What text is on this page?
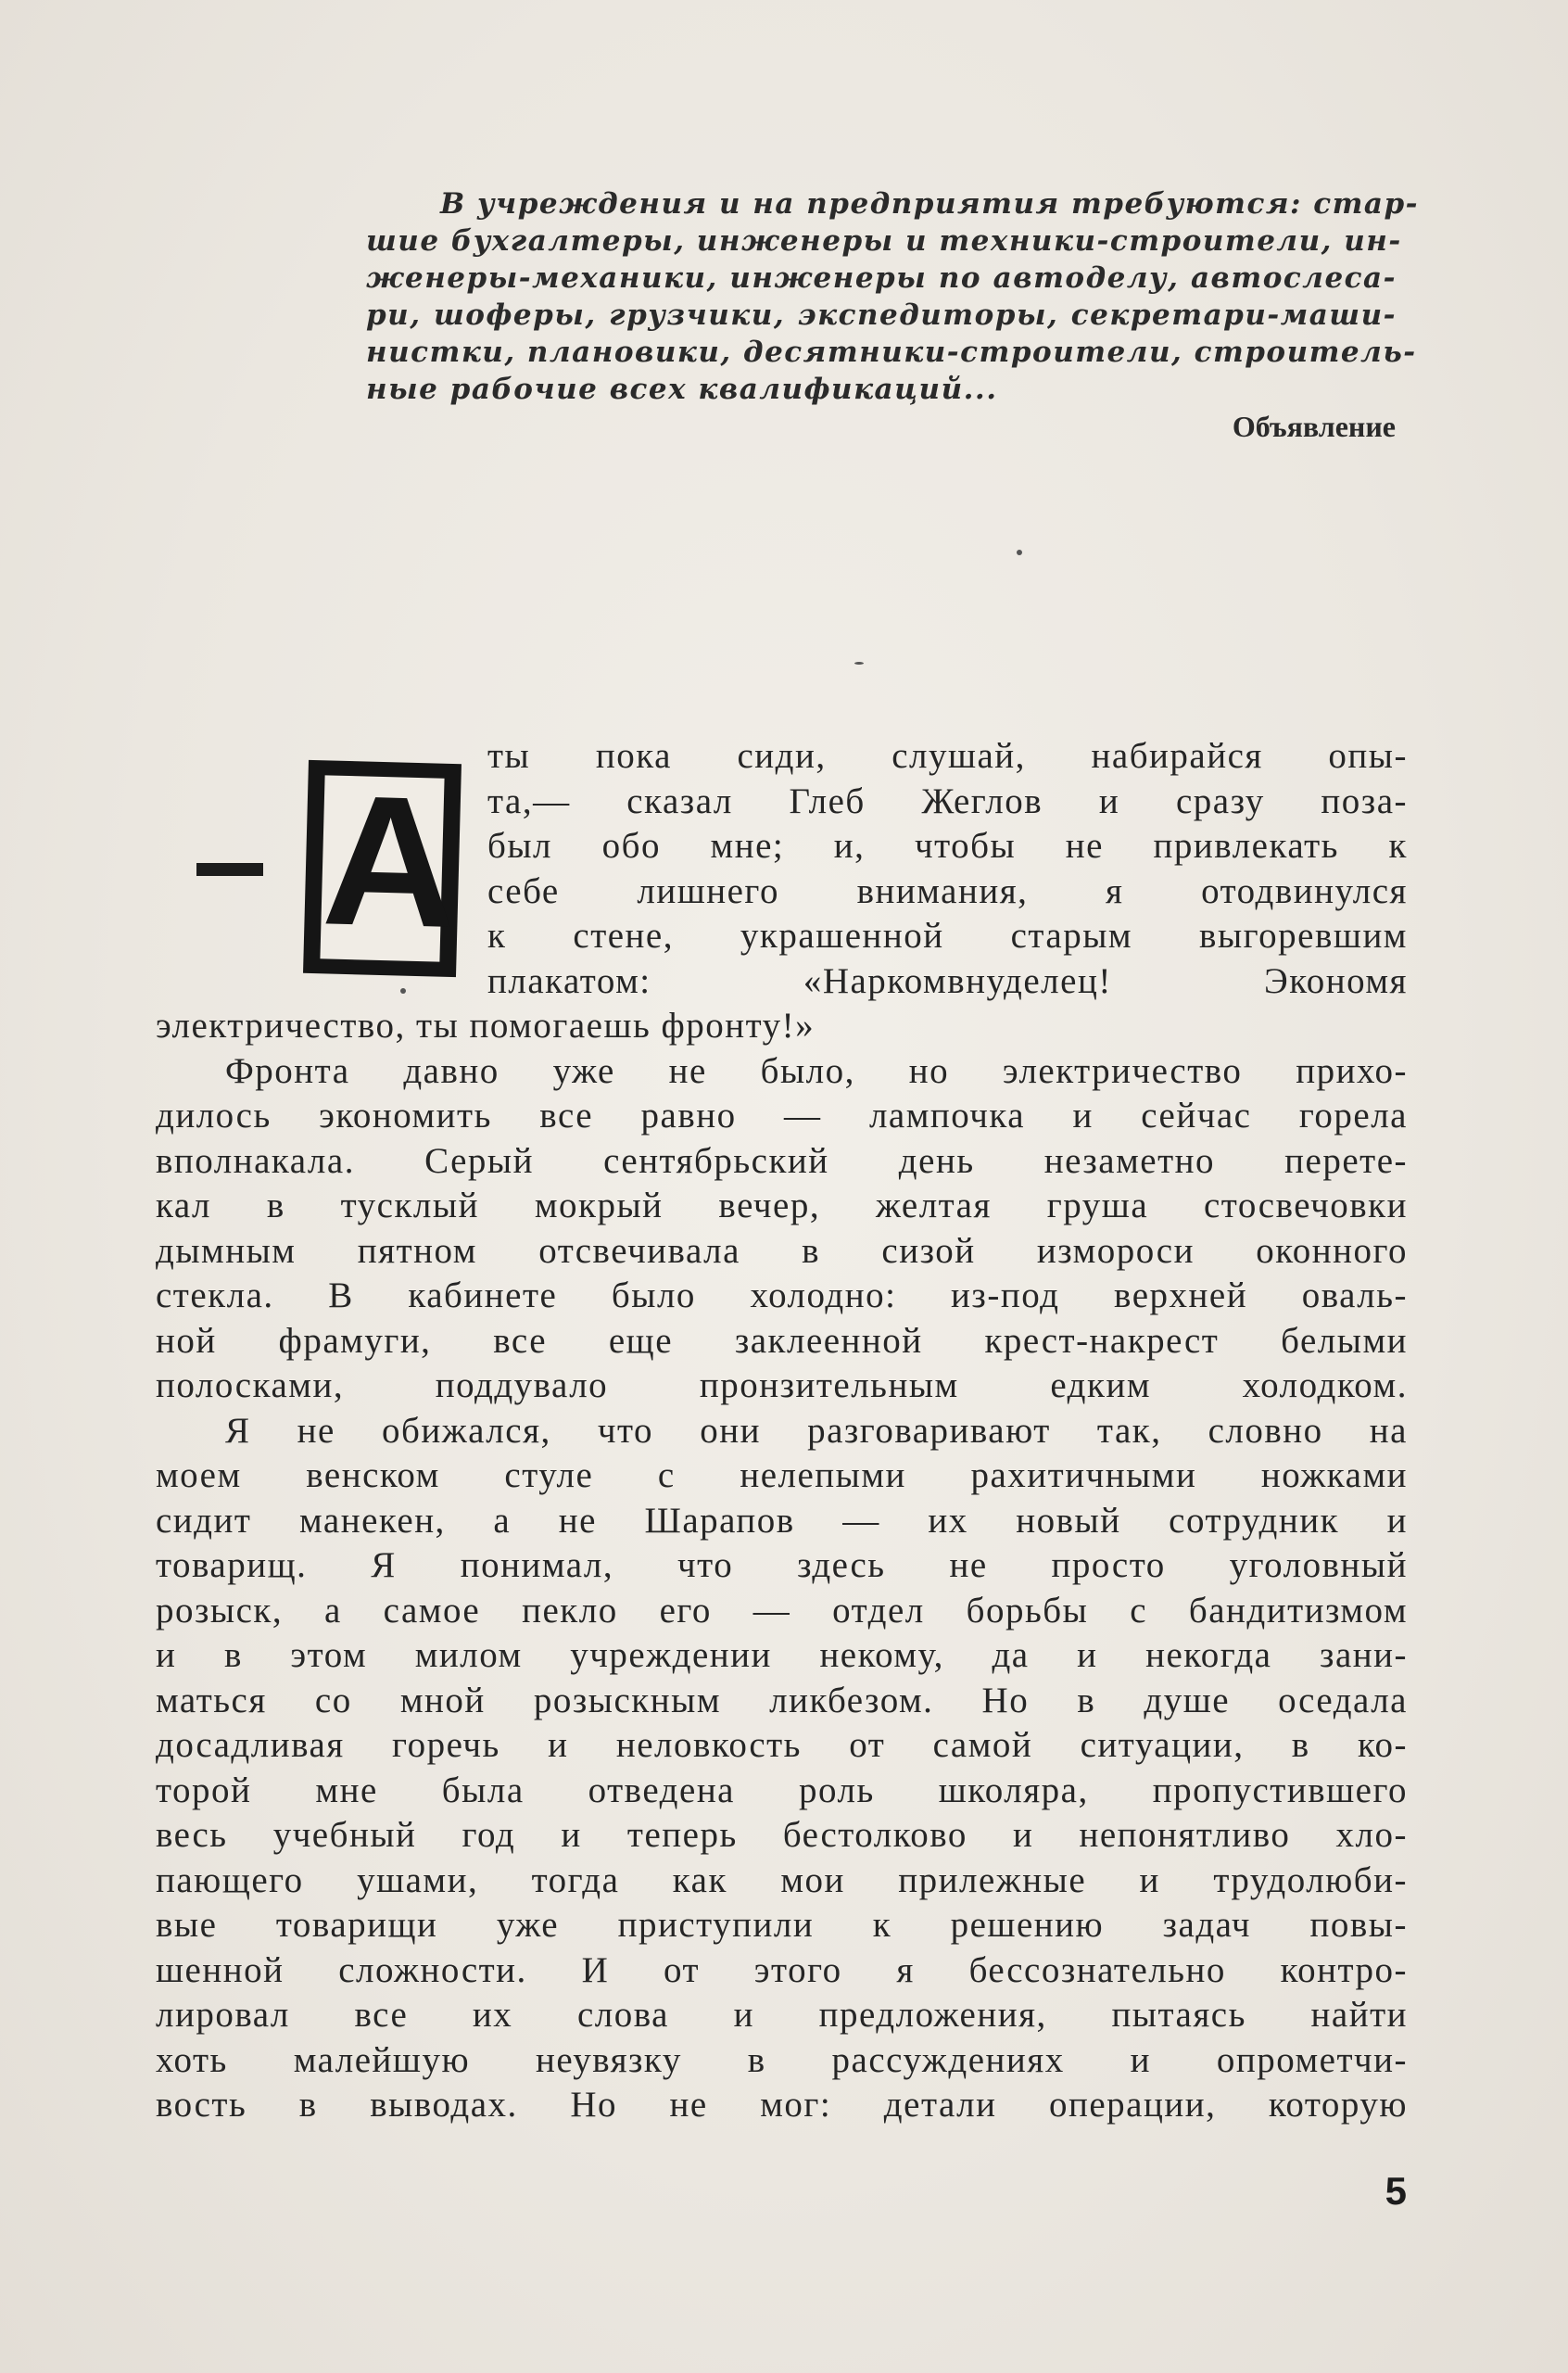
В учреждения и на предприятия требуются: стар-
шие бухгалтеры, инженеры и техники-строители, ин-
женеры-механики, инженеры по автоделу, автослеса-
ри, шоферы, грузчики, экспедиторы, секретари-маши-
нистки, плановики, десятники-строители, строитель-
ные рабочие всех квалификаций...
Объявление
А
ты пока сиди, слушай, набирайся опы-
та,— сказал Глеб Жеглов и сразу поза-
был обо мне; и, чтобы не привлекать к
себе лишнего внимания, я отодвинулся
к стене, украшенной старым выгоревшим
плакатом: «Наркомвнуделец! Экономя
электричество, ты помогаешь фронту!»
Фронта давно уже не было, но электричество прихо-
дилось экономить все равно — лампочка и сейчас горела
вполнакала. Серый сентябрьский день незаметно перете-
кал в тусклый мокрый вечер, желтая груша стосвечовки
дымным пятном отсвечивала в сизой измороси оконного
стекла. В кабинете было холодно: из-под верхней оваль-
ной фрамуги, все еще заклеенной крест-накрест белыми
полосками, поддувало пронзительным едким холодком.
Я не обижался, что они разговаривают так, словно на
моем венском стуле с нелепыми рахитичными ножками
сидит манекен, а не Шарапов — их новый сотрудник и
товарищ. Я понимал, что здесь не просто уголовный
розыск, а самое пекло его — отдел борьбы с бандитизмом
и в этом милом учреждении некому, да и некогда зани-
маться со мной розыскным ликбезом. Но в душе оседала
досадливая горечь и неловкость от самой ситуации, в ко-
торой мне была отведена роль школяра, пропустившего
весь учебный год и теперь бестолково и непонятливо хло-
пающего ушами, тогда как мои прилежные и трудолюби-
вые товарищи уже приступили к решению задач повы-
шенной сложности. И от этого я бессознательно контро-
лировал все их слова и предложения, пытаясь найти
хоть малейшую неувязку в рассуждениях и опрометчи-
вость в выводах. Но не мог: детали операции, которую
5
